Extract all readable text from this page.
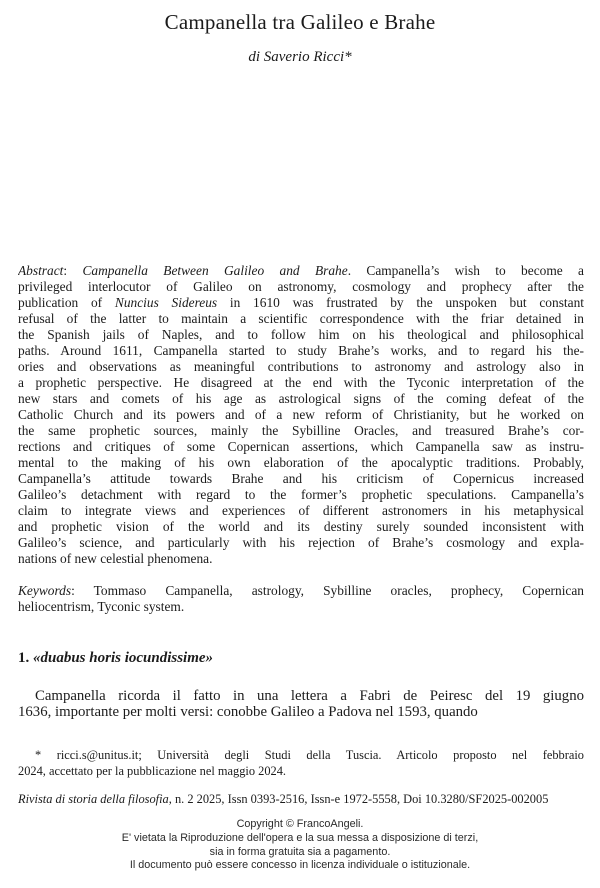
Campanella tra Galileo e Brahe
di Saverio Ricci*
Abstract: Campanella Between Galileo and Brahe. Campanella’s wish to become a
privileged interlocutor of Galileo on astronomy, cosmology and prophecy after the
publication of Nuncius Sidereus in 1610 was frustrated by the unspoken but constant
refusal of the latter to maintain a scientific correspondence with the friar detained in
the Spanish jails of Naples, and to follow him on his theological and philosophical
paths. Around 1611, Campanella started to study Brahe’s works, and to regard his the-
ories and observations as meaningful contributions to astronomy and astrology also in
a prophetic perspective. He disagreed at the end with the Tyconic interpretation of the
new stars and comets of his age as astrological signs of the coming defeat of the
Catholic Church and its powers and of a new reform of Christianity, but he worked on
the same prophetic sources, mainly the Sybilline Oracles, and treasured Brahe’s cor-
rections and critiques of some Copernican assertions, which Campanella saw as instru-
mental to the making of his own elaboration of the apocalyptic traditions. Probably,
Campanella’s attitude towards Brahe and his criticism of Copernicus increased
Galileo’s detachment with regard to the former’s prophetic speculations. Campanella’s
claim to integrate views and experiences of different astronomers in his metaphysical
and prophetic vision of the world and its destiny surely sounded inconsistent with
Galileo’s science, and particularly with his rejection of Brahe’s cosmology and expla-
nations of new celestial phenomena.
Keywords: Tommaso Campanella, astrology, Sybilline oracles, prophecy, Copernican
heliocentrism, Tyconic system.
1. «duabus horis iocundissime»
Campanella ricorda il fatto in una lettera a Fabri de Peiresc del 19 giugno
1636, importante per molti versi: conobbe Galileo a Padova nel 1593, quando
* ricci.s@unitus.it; Università degli Studi della Tuscia. Articolo proposto nel febbraio
2024, accettato per la pubblicazione nel maggio 2024.
Rivista di storia della filosofia, n. 2 2025, Issn 0393-2516, Issn-e 1972-5558, Doi 10.3280/SF2025-002005
Copyright © FrancoAngeli.
E' vietata la Riproduzione dell'opera e la sua messa a disposizione di terzi,
sia in forma gratuita sia a pagamento.
Il documento può essere concesso in licenza individuale o istituzionale.
